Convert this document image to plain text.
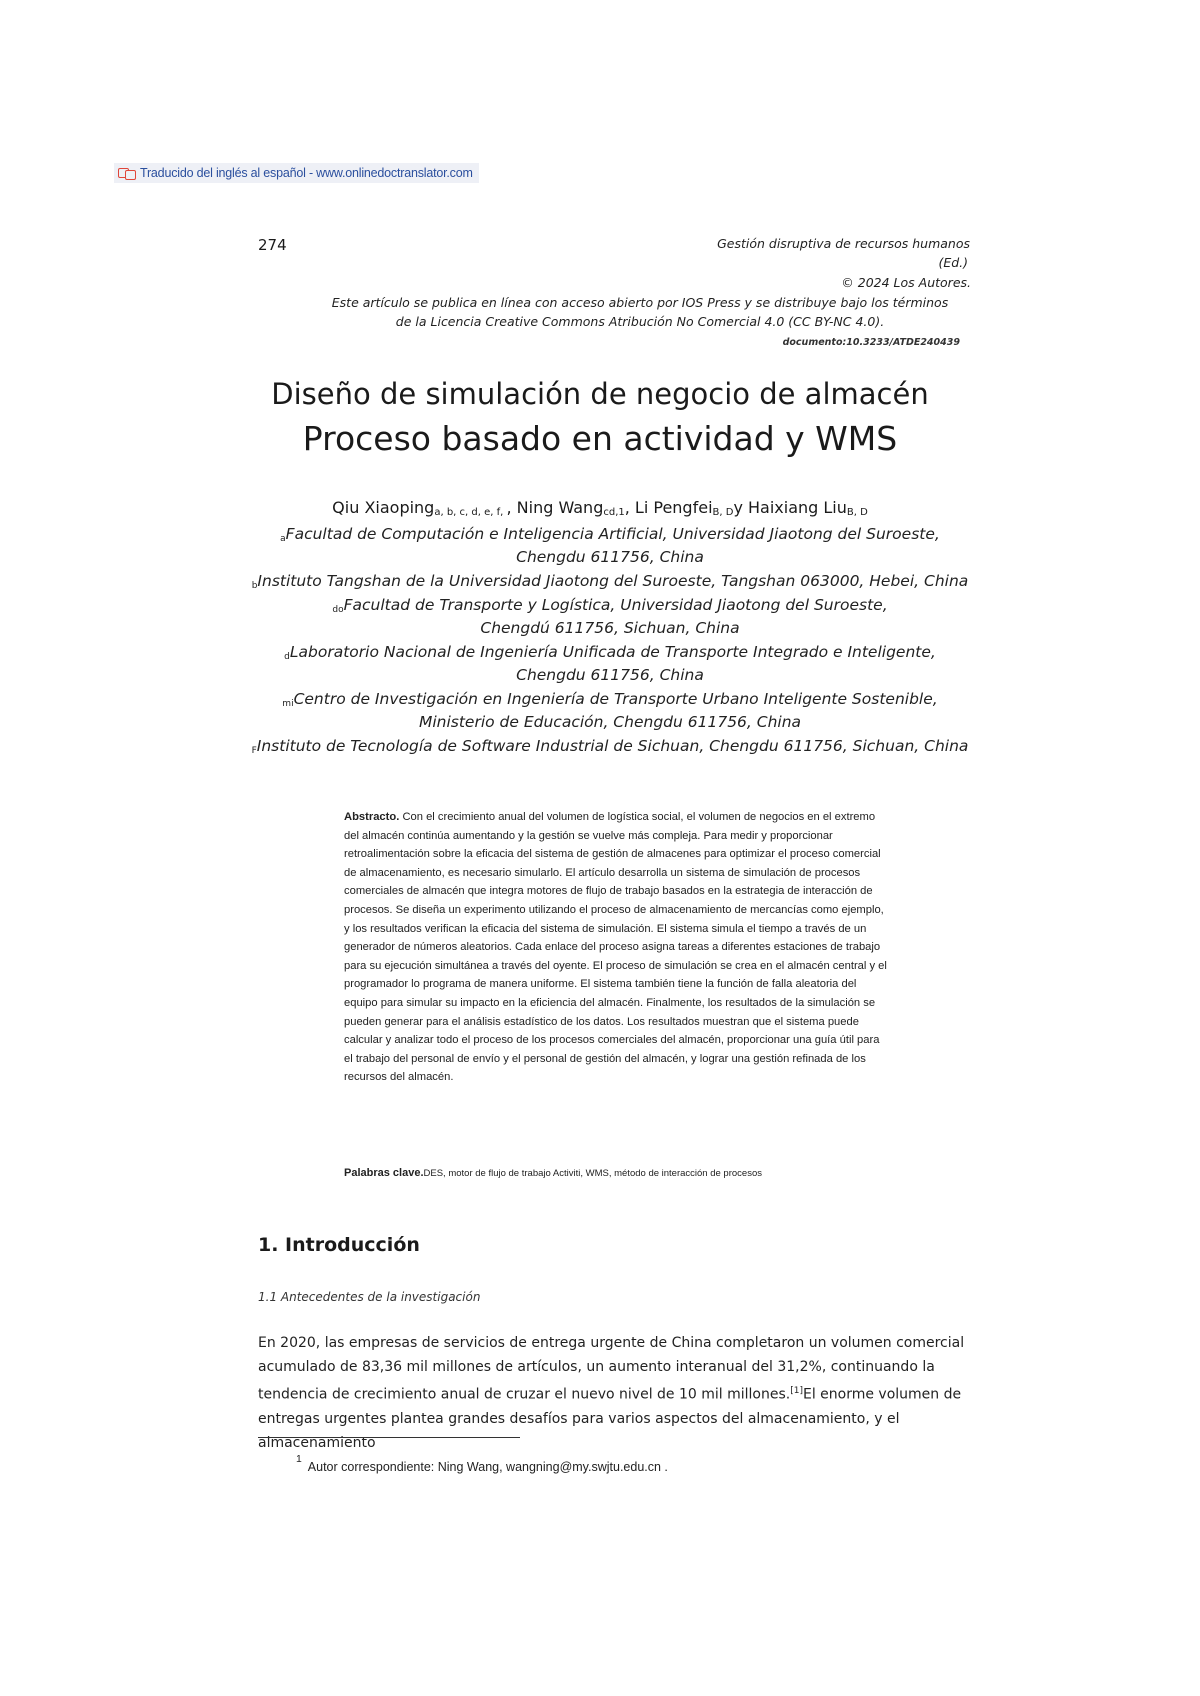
Traducido del inglés al español - www.onlinedoctranslator.com
274	Gestión disruptiva de recursos humanos
(Ed.)
© 2024 Los Autores.
Este artículo se publica en línea con acceso abierto por IOS Press y se distribuye bajo los términos
de la Licencia Creative Commons Atribución No Comercial 4.0 (CC BY-NC 4.0).
documento:10.3233/ATDE240439
Diseño de simulación de negocio de almacén
Proceso basado en actividad y WMS
Qiu Xiaoping$_{a, b, c, d, e, f,}$ , Ning Wang$_{cd,1}$, Li Pengfei$_{B, D}$y Haixiang Liu$_{B, D}$
$^a$Facultad de Computación e Inteligencia Artificial, Universidad Jiaotong del Suroeste,
Chengdu 611756, China
$^b$Instituto Tangshan de la Universidad Jiaotong del Suroeste, Tangshan 063000, Hebei, China
$^{do}$Facultad de Transporte y Logística, Universidad Jiaotong del Suroeste,
Chengdú 611756, Sichuan, China
$^d$Laboratorio Nacional de Ingeniería Unificada de Transporte Integrado e Inteligente,
Chengdu 611756, China
$^{mi}$Centro de Investigación en Ingeniería de Transporte Urbano Inteligente Sostenible,
Ministerio de Educación, Chengdu 611756, China
$^F$Instituto de Tecnología de Software Industrial de Sichuan, Chengdu 611756, Sichuan, China
Abstracto. Con el crecimiento anual del volumen de logística social, el volumen de negocios en el extremo del almacén continúa aumentando y la gestión se vuelve más compleja. Para medir y proporcionar retroalimentación sobre la eficacia del sistema de gestión de almacenes para optimizar el proceso comercial de almacenamiento, es necesario simularlo. El artículo desarrolla un sistema de simulación de procesos comerciales de almacén que integra motores de flujo de trabajo basados en la estrategia de interacción de procesos. Se diseña un experimento utilizando el proceso de almacenamiento de mercancías como ejemplo, y los resultados verifican la eficacia del sistema de simulación. El sistema simula el tiempo a través de un generador de números aleatorios. Cada enlace del proceso asigna tareas a diferentes estaciones de trabajo para su ejecución simultánea a través del oyente. El proceso de simulación se crea en el almacén central y el programador lo programa de manera uniforme. El sistema también tiene la función de falla aleatoria del equipo para simular su impacto en la eficiencia del almacén. Finalmente, los resultados de la simulación se pueden generar para el análisis estadístico de los datos. Los resultados muestran que el sistema puede calcular y analizar todo el proceso de los procesos comerciales del almacén, proporcionar una guía útil para el trabajo del personal de envío y el personal de gestión del almacén, y lograr una gestión refinada de los recursos del almacén.
Palabras clave.DES, motor de flujo de trabajo Activiti, WMS, método de interacción de procesos
1. Introducción
1.1 Antecedentes de la investigación
En 2020, las empresas de servicios de entrega urgente de China completaron un volumen comercial acumulado de 83,36 mil millones de artículos, un aumento interanual del 31,2%, continuando la tendencia de crecimiento anual de cruzar el nuevo nivel de 10 mil millones.[1]El enorme volumen de entregas urgentes plantea grandes desafíos para varios aspectos del almacenamiento, y el almacenamiento
$^1$Autor correspondiente: Ning Wang, wangning@my.swjtu.edu.cn .
